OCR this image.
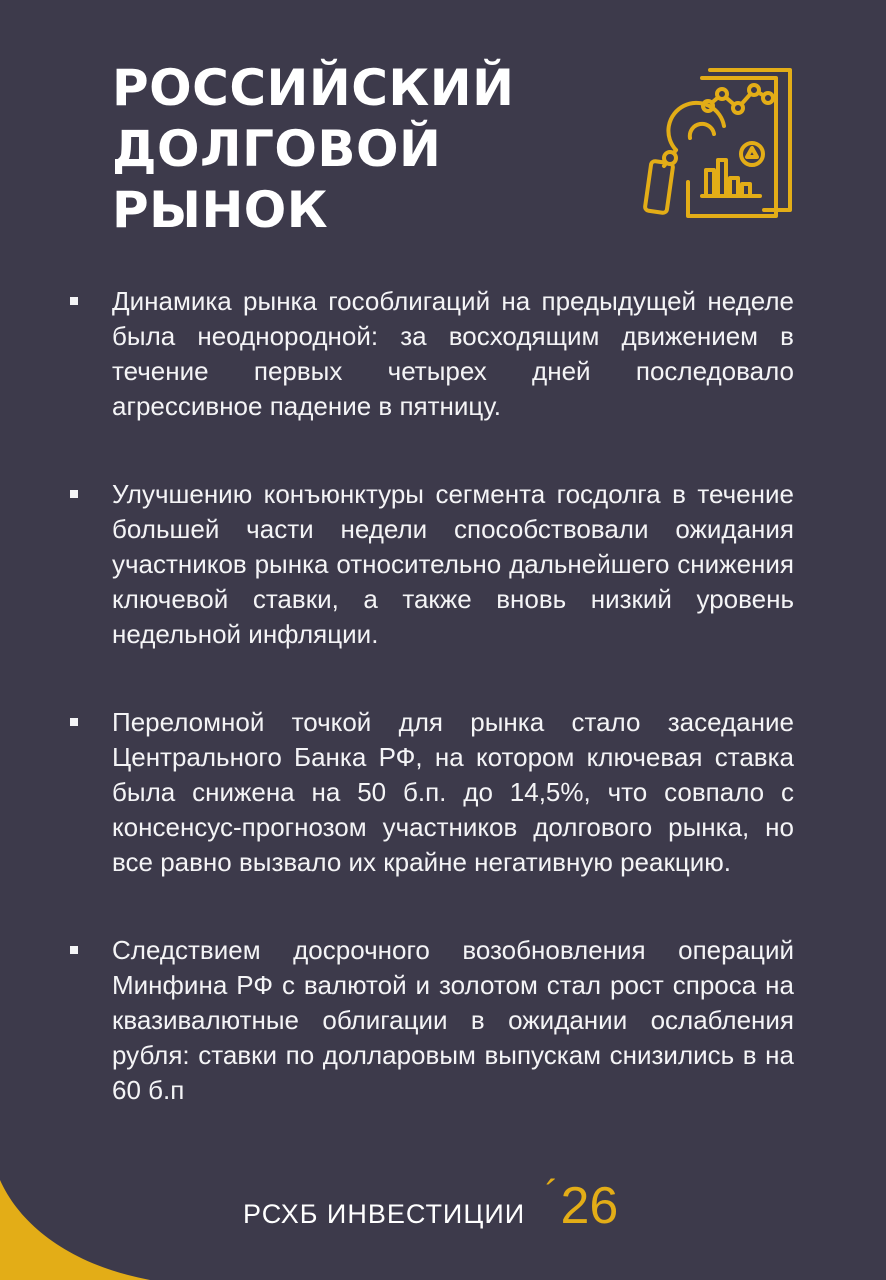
РОССИЙСКИЙ
ДОЛГОВОЙ
РЫНОК
Динамика рынка гособлигаций на предыдущей неделе была неоднородной: за восходящим движением в течение первых четырех дней последовало агрессивное падение в пятницу.
Улучшению конъюнктуры сегмента госдолга в течение большей части недели способствовали ожидания участников рынка относительно дальнейшего снижения ключевой ставки, а также вновь низкий уровень недельной инфляции.
Переломной точкой для рынка стало заседание Центрального Банка РФ, на котором ключевая ставка была снижена на 50 б.п. до 14,5%, что совпало с консенсус-прогнозом участников долгового рынка, но все равно вызвало их крайне негативную реакцию.
Следствием досрочного возобновления операций Минфина РФ с валютой и золотом стал рост спроса на квазивалютные облигации в ожидании ослабления рубля: ставки по долларовым выпускам снизились в на 60 б.п
РСХБ ИНВЕСТИЦИИ ´ 26
